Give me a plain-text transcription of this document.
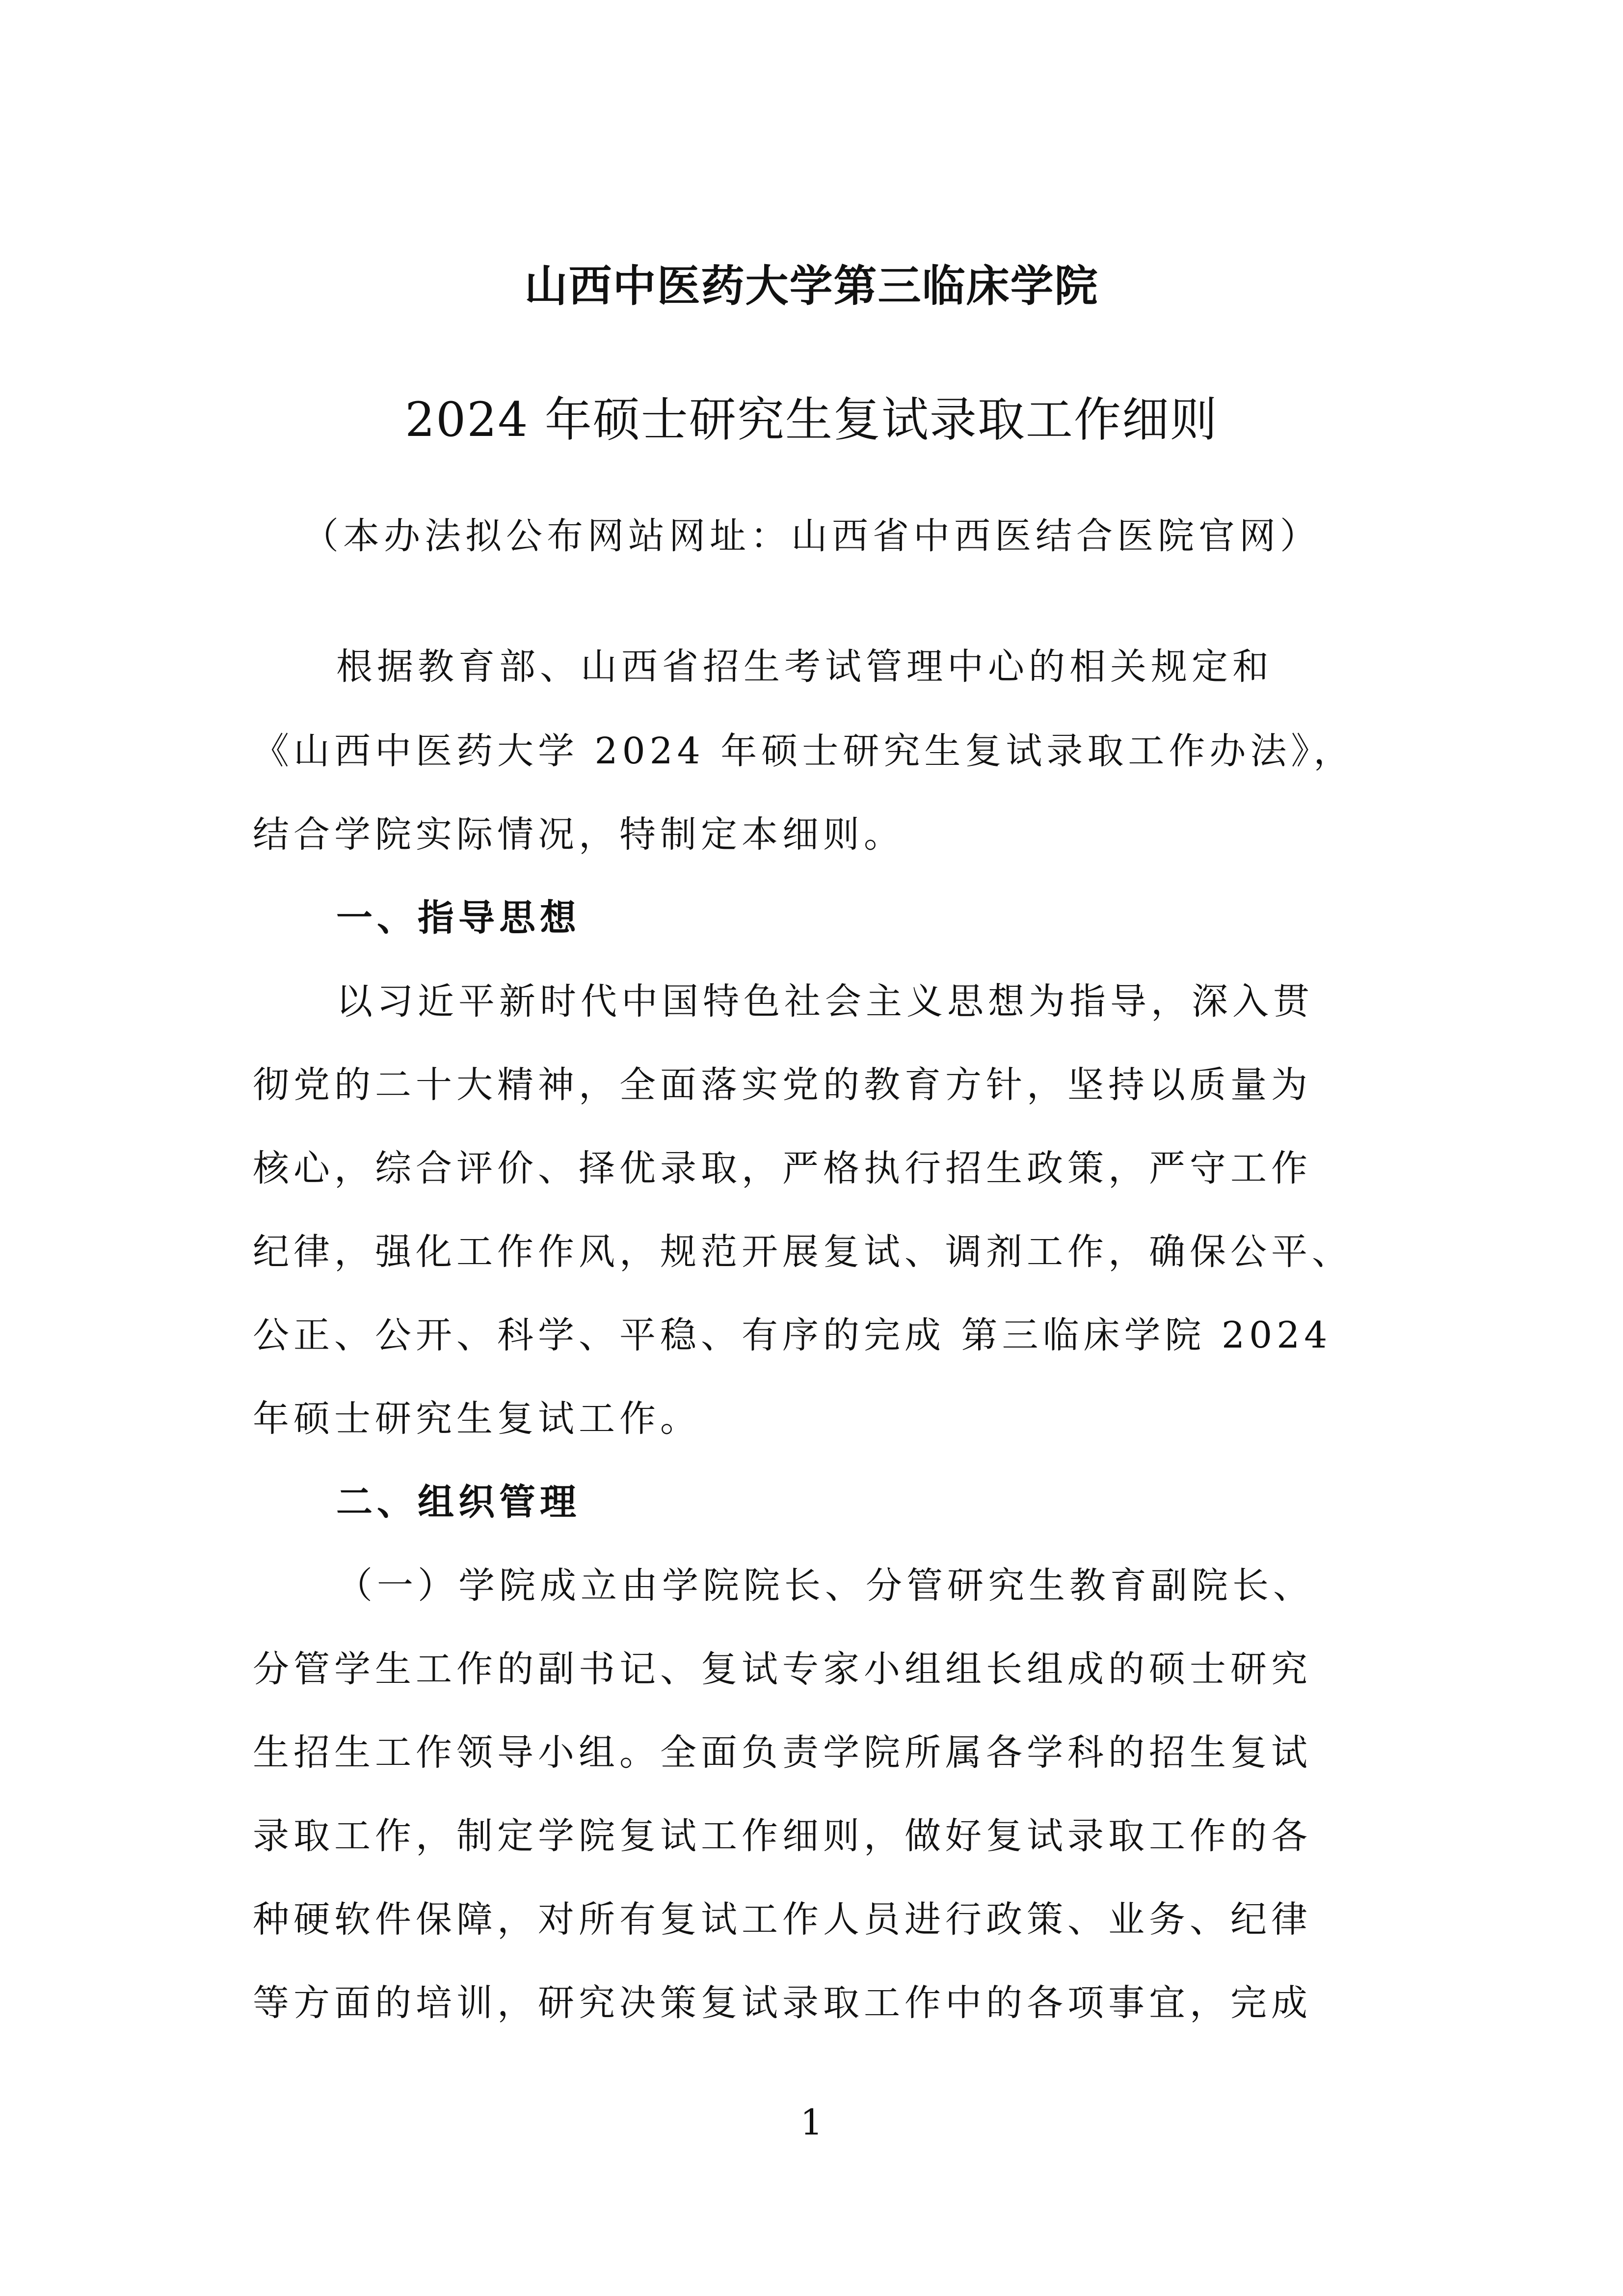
山西中医药大学第三临床学院
2024 年硕士研究生复试录取工作细则
（本办法拟公布网站网址：山西省中西医结合医院官网）
根据教育部、山西省招生考试管理中心的相关规定和
《山西中医药大学 2024 年硕士研究生复试录取工作办法》，
结合学院实际情况，特制定本细则。
一、指导思想
以习近平新时代中国特色社会主义思想为指导，深入贯
彻党的二十大精神，全面落实党的教育方针，坚持以质量为
核心，综合评价、择优录取，严格执行招生政策，严守工作
纪律，强化工作作风，规范开展复试、调剂工作，确保公平、
公正、公开、科学、平稳、有序的完成 第三临床学院 2024
年硕士研究生复试工作。
二、组织管理
（一）学院成立由学院院长、分管研究生教育副院长、
分管学生工作的副书记、复试专家小组组长组成的硕士研究
生招生工作领导小组。全面负责学院所属各学科的招生复试
录取工作，制定学院复试工作细则，做好复试录取工作的各
种硬软件保障，对所有复试工作人员进行政策、业务、纪律
等方面的培训，研究决策复试录取工作中的各项事宜，完成
1
